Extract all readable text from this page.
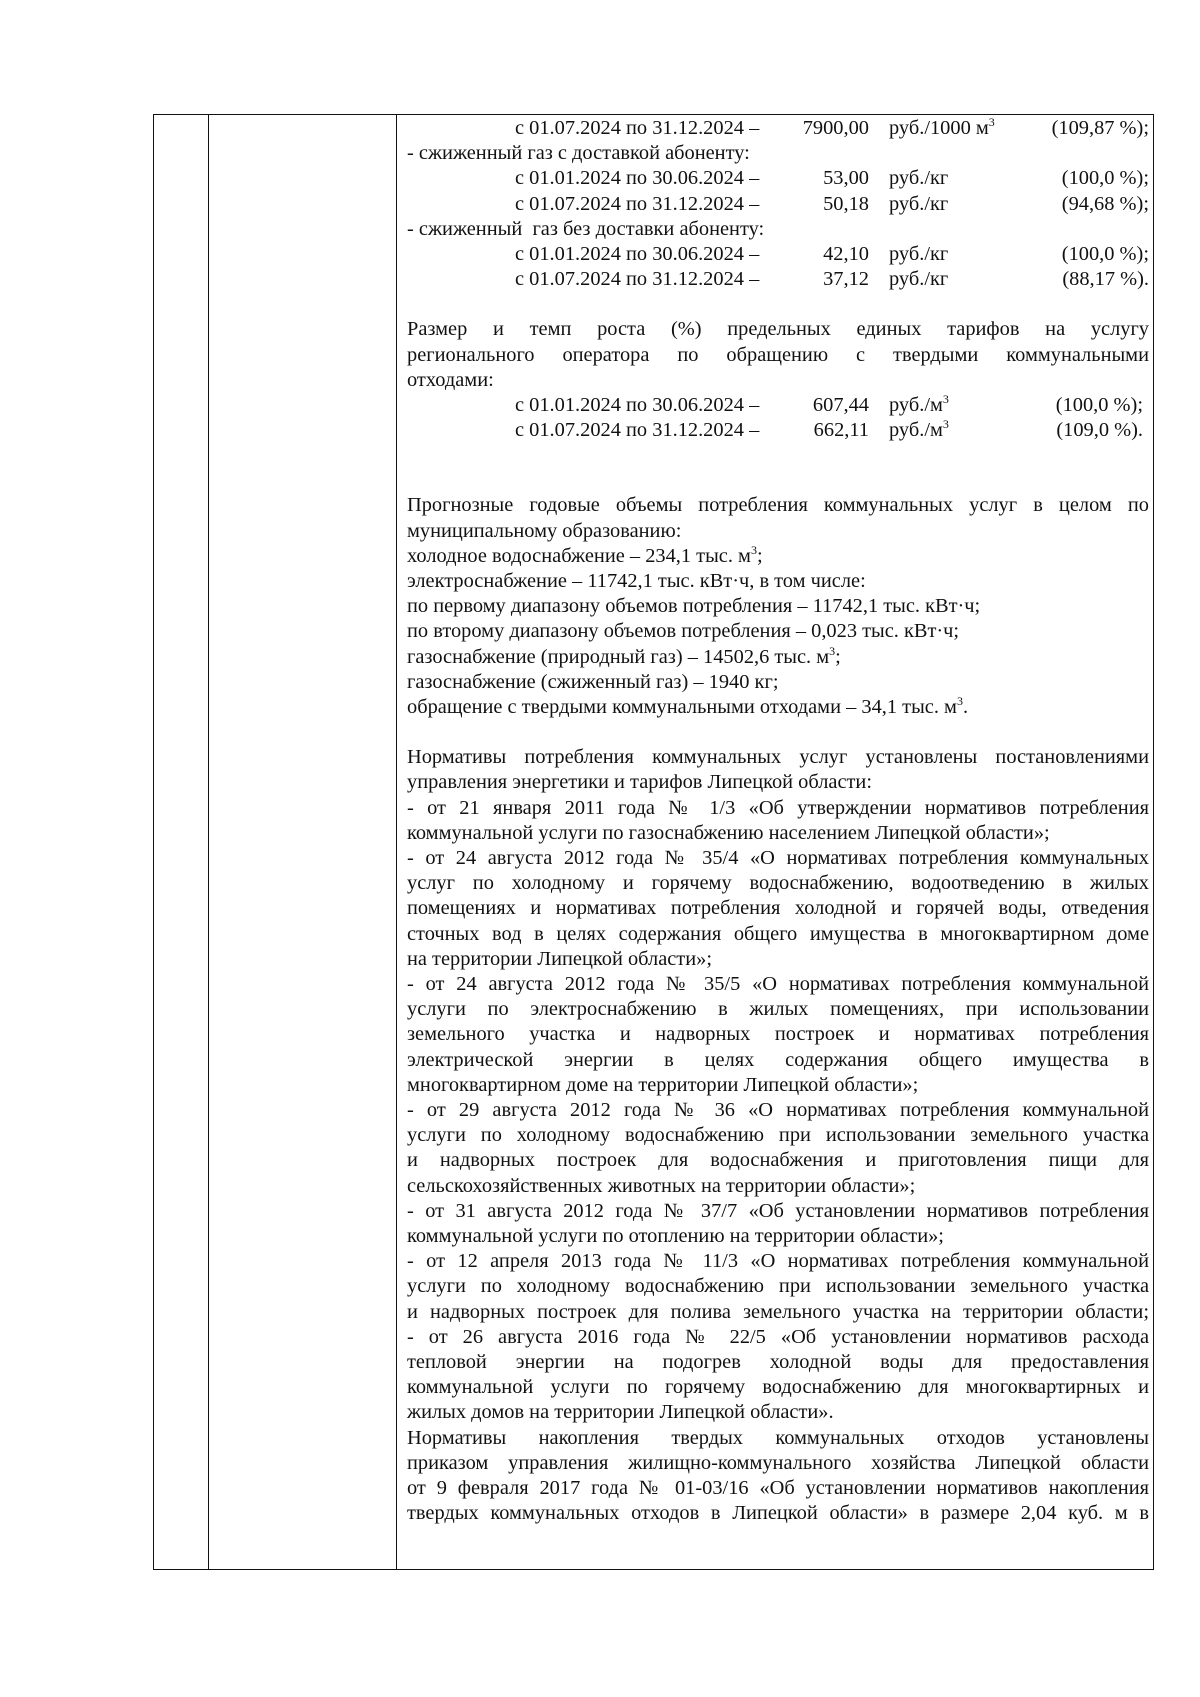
с 01.07.2024 по 31.12.2024 –	7900,00 руб./1000 $м^3$	(109,87 %);
- сжиженный газ с доставкой абоненту:
с 01.01.2024 по 30.06.2024 –	53,00 руб./кг	(100,0 %);
с 01.07.2024 по 31.12.2024 –	50,18 руб./кг	(94,68 %);
- сжиженный  газ без доставки абоненту:
с 01.01.2024 по 30.06.2024 –	42,10 руб./кг	(100,0 %);
с 01.07.2024 по 31.12.2024 –	37,12 руб./кг	(88,17 %).
Размер и темп роста (%) предельных единых тарифов на услугу
регионального оператора по обращению с твердыми коммунальными
отходами:
с 01.01.2024 по 30.06.2024 –	607,44 $руб./м^3$	(100,0 %);
с 01.07.2024 по 31.12.2024 –	662,11 $руб./м^3$	(109,0 %).
Прогнозные годовые объемы потребления коммунальных услуг в целом по
муниципальному образованию:
холодное водоснабжение – 234,1 тыс. $м^3$;
электроснабжение – 11742,1 тыс. кВт·ч, в том числе:
по первому диапазону объемов потребления – 11742,1 тыс. кВт·ч;
по второму диапазону объемов потребления – 0,023 тыс. кВт·ч;
газоснабжение (природный газ) – 14502,6 тыс. $м^3$;
газоснабжение (сжиженный газ) – 1940 кг;
обращение с твердыми коммунальными отходами – 34,1 тыс. $м^3$.
Нормативы потребления коммунальных услуг установлены постановлениями
управления энергетики и тарифов Липецкой области:
- от 21 января 2011 года № 1/3 «Об утверждении нормативов потребления
коммунальной услуги по газоснабжению населением Липецкой области»;
- от 24 августа 2012 года № 35/4 «О нормативах потребления коммунальных
услуг по холодному и горячему водоснабжению, водоотведению в жилых
помещениях и нормативах потребления холодной и горячей воды, отведения
сточных вод в целях содержания общего имущества в многоквартирном доме
на территории Липецкой области»;
- от 24 августа 2012 года № 35/5 «О нормативах потребления коммунальной
услуги по электроснабжению в жилых помещениях, при использовании
земельного участка и надворных построек и нормативах потребления
электрической энергии в целях содержания общего имущества в
многоквартирном доме на территории Липецкой области»;
- от 29 августа 2012 года № 36 «О нормативах потребления коммунальной
услуги по холодному водоснабжению при использовании земельного участка
и надворных построек для водоснабжения и приготовления пищи для
сельскохозяйственных животных на территории области»;
- от 31 августа 2012 года № 37/7 «Об установлении нормативов потребления
коммунальной услуги по отоплению на территории области»;
- от 12 апреля 2013 года № 11/3 «О нормативах потребления коммунальной
услуги по холодному водоснабжению при использовании земельного участка
и надворных построек для полива земельного участка на территории области;
- от 26 августа 2016 года № 22/5 «Об установлении нормативов расхода
тепловой энергии на подогрев холодной воды для предоставления
коммунальной услуги по горячему водоснабжению для многоквартирных и
жилых домов на территории Липецкой области».
Нормативы накопления твердых коммунальных отходов установлены
приказом управления жилищно-коммунального хозяйства Липецкой области
от 9 февраля 2017 года № 01-03/16 «Об установлении нормативов накопления
твердых коммунальных отходов в Липецкой области» в размере 2,04 куб. м в
